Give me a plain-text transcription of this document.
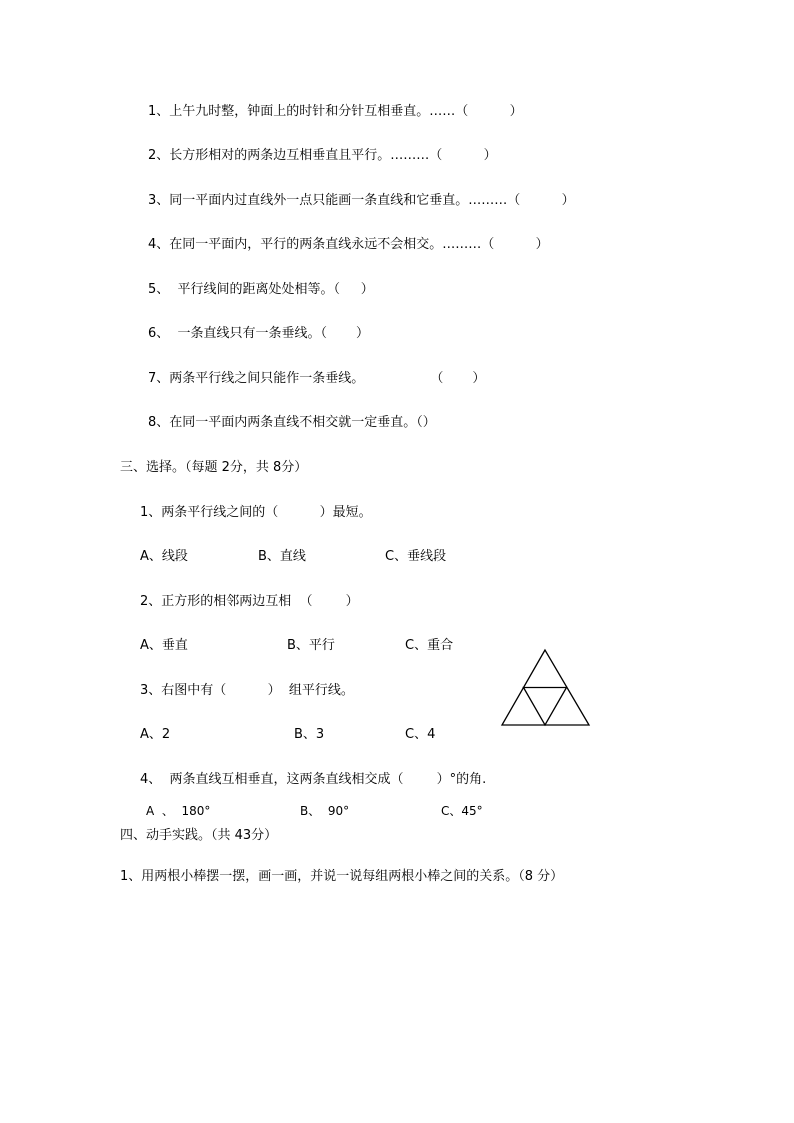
1、上午九时整，钟面上的时针和分针互相垂直。……（          ）
2、长方形相对的两条边互相垂直且平行。………（          ）
3、同一平面内过直线外一点只能画一条直线和它垂直。………（          ）
4、在同一平面内，平行的两条直线永远不会相交。………（          ）
5、  平行线间的距离处处相等。（     ）
6、  一条直线只有一条垂线。（       ）
7、两条平行线之间只能作一条垂线。                （       ）
8、在同一平面内两条直线不相交就一定垂直。（）
三、选择。（每题 2分，共 8分）
1、两条平行线之间的（          ）最短。
A、线段	B、直线	C、垂线段
2、正方形的相邻两边互相  （        ）
A、垂直	B、平行	C、重合
3、右图中有（          ）  组平行线。
A、2	B、3	C、4
4、  两条直线互相垂直，这两条直线相交成（        ）°的角.
A  、  180°	B、  90°	C、45°
四、动手实践。（共 43分）
1、用两根小棒摆一摆，画一画，并说一说每组两根小棒之间的关系。（8 分）
